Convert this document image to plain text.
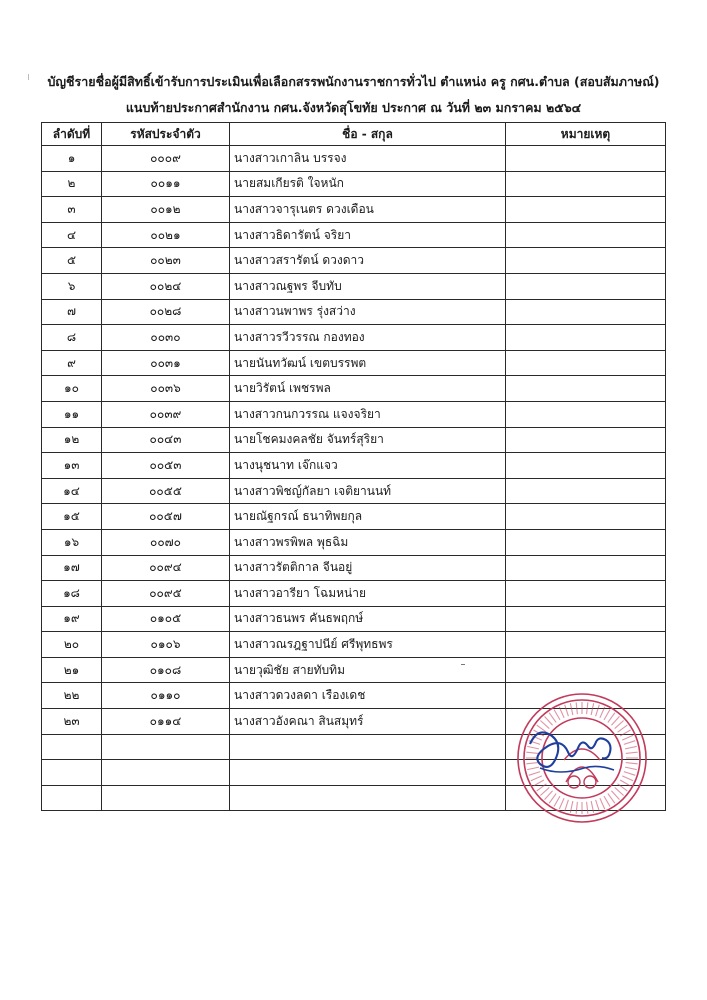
บัญชีรายชื่อผู้มีสิทธิ์เข้ารับการประเมินเพื่อเลือกสรรพนักงานราชการทั่วไป ตำแหน่ง ครู กศน.ตำบล (สอบสัมภาษณ์)
แนบท้ายประกาศสำนักงาน กศน.จังหวัดสุโขทัย ประกาศ ณ วันที่ ๒๓ มกราคม ๒๕๖๔
ลำดับที่	รหัสประจำตัว	ชื่อ - สกุล	หมายเหตุ
๑	๐๐๐๙	นางสาวเกาลิน บรรจง	
๒	๐๐๑๑	นายสมเกียรติ ใจหนัก	
๓	๐๐๑๒	นางสาวจารุเนตร ดวงเดือน	
๔	๐๐๒๑	นางสาวธิดารัตน์ จริยา	
๕	๐๐๒๓	นางสาวสรารัตน์ ดวงดาว	
๖	๐๐๒๔	นางสาวณฐพร จีบทับ	
๗	๐๐๒๘	นางสาวนพาพร รุ่งสว่าง	
๘	๐๐๓๐	นางสาวรวีวรรณ กองทอง	
๙	๐๐๓๑	นายนันทวัฒน์ เขตบรรพต	
๑๐	๐๐๓๖	นายวิรัตน์ เพชรพล	
๑๑	๐๐๓๙	นางสาวกนกวรรณ แจงจริยา	
๑๒	๐๐๔๓	นายโชคมงคลชัย จันทร์สุริยา	
๑๓	๐๐๕๓	นางนุชนาท เจ๊กแจว	
๑๔	๐๐๕๕	นางสาวพิชญ์กัลยา เจติยานนท์	
๑๕	๐๐๕๗	นายณัฐกรณ์ ธนาทิพยกุล	
๑๖	๐๐๗๐	นางสาวพรพิพล พุธฉิม	
๑๗	๐๐๙๔	นางสาวรัตติกาล จีนอยู่	
๑๘	๐๐๙๕	นางสาวอารียา โฉมหน่าย	
๑๙	๐๑๐๕	นางสาวธนพร คันธพฤกษ์	
๒๐	๐๑๐๖	นางสาวณรฎฐาปนีย์ ศรีพุทธพร	
๒๑	๐๑๐๘	นายวุฒิชัย สายทับทิม	
๒๒	๐๑๑๐	นางสาวดวงลดา เรืองเดช	
๒๓	๐๑๑๔	นางสาวอังคณา สินสมุทร์	
